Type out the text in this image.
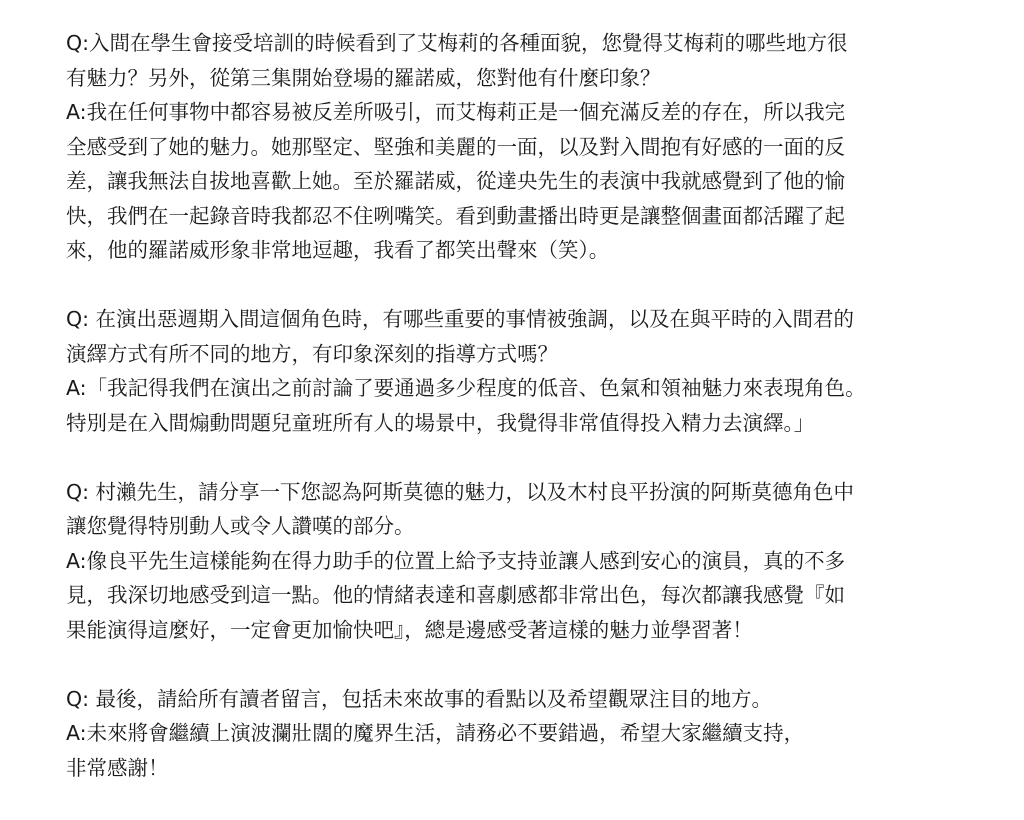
Q:入間在學生會接受培訓的時候看到了艾梅莉的各種面貌，您覺得艾梅莉的哪些地方很
有魅力？另外，從第三集開始登場的羅諾威，您對他有什麼印象？
A:我在任何事物中都容易被反差所吸引，而艾梅莉正是一個充滿反差的存在，所以我完
全感受到了她的魅力。她那堅定、堅強和美麗的一面，以及對入間抱有好感的一面的反
差，讓我無法自拔地喜歡上她。至於羅諾威，從達央先生的表演中我就感覺到了他的愉
快，我們在一起錄音時我都忍不住咧嘴笑。看到動畫播出時更是讓整個畫面都活躍了起
來，他的羅諾威形象非常地逗趣，我看了都笑出聲來（笑）。
Q: 在演出惡週期入間這個角色時，有哪些重要的事情被強調，以及在與平時的入間君的
演繹方式有所不同的地方，有印象深刻的指導方式嗎？
A:「我記得我們在演出之前討論了要通過多少程度的低音、色氣和領袖魅力來表現角色。
特別是在入間煽動問題兒童班所有人的場景中，我覺得非常值得投入精力去演繹。」
Q: 村瀨先生，請分享一下您認為阿斯莫德的魅力，以及木村良平扮演的阿斯莫德角色中
讓您覺得特別動人或令人讚嘆的部分。
A:像良平先生這樣能夠在得力助手的位置上給予支持並讓人感到安心的演員，真的不多
見，我深切地感受到這一點。他的情緒表達和喜劇感都非常出色，每次都讓我感覺『如
果能演得這麼好，一定會更加愉快吧』，總是邊感受著這樣的魅力並學習著！
Q: 最後，請給所有讀者留言，包括未來故事的看點以及希望觀眾注目的地方。
A:未來將會繼續上演波瀾壯闊的魔界生活，請務必不要錯過，希望大家繼續支持，
非常感謝！
